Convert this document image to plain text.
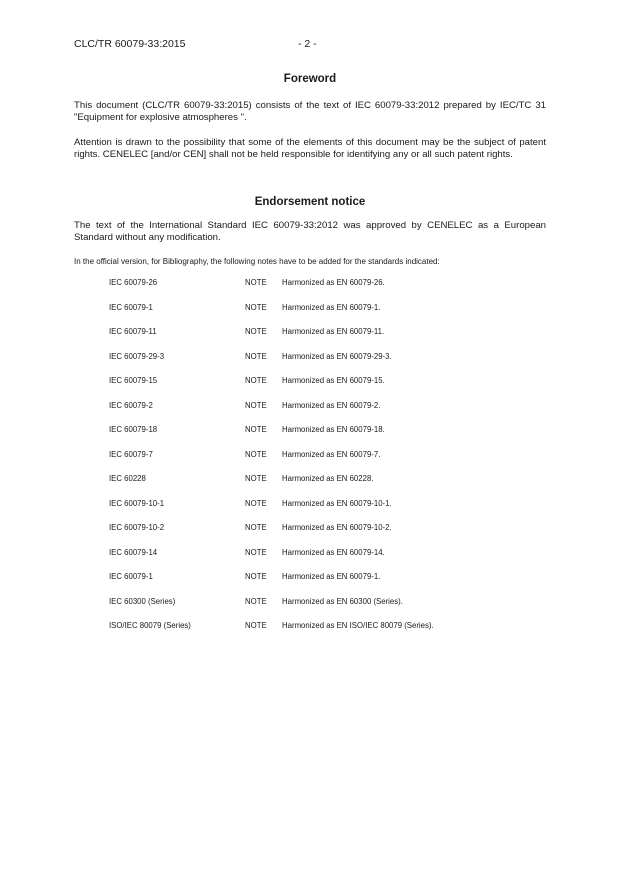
CLC/TR 60079-33:2015	- 2 -
Foreword

This document (CLC/TR 60079-33:2015) consists of the text of IEC 60079-33:2012 prepared by IEC/TC 31 "Equipment for explosive atmospheres ".

Attention is drawn to the possibility that some of the elements of this document may be the subject of patent rights. CENELEC [and/or CEN] shall not be held responsible for identifying any or all such patent rights.

Endorsement notice

The text of the International Standard IEC 60079-33:2012 was approved by CENELEC as a European Standard without any modification.

In the official version, for Bibliography, the following notes have to be added for the standards indicated:
IEC 60079-26	NOTE Harmonized as EN 60079-26.
IEC 60079-1	NOTE Harmonized as EN 60079-1.
IEC 60079-11	NOTE Harmonized as EN 60079-11.
IEC 60079-29-3	NOTE Harmonized as EN 60079-29-3.
IEC 60079-15	NOTE Harmonized as EN 60079-15.
IEC 60079-2	NOTE Harmonized as EN 60079-2.
IEC 60079-18	NOTE Harmonized as EN 60079-18.
IEC 60079-7	NOTE Harmonized as EN 60079-7.
IEC 60228	NOTE Harmonized as EN 60228.
IEC 60079-10-1	NOTE Harmonized as EN 60079-10-1.
IEC 60079-10-2	NOTE Harmonized as EN 60079-10-2.
IEC 60079-14	NOTE Harmonized as EN 60079-14.
IEC 60079-1	NOTE Harmonized as EN 60079-1.
IEC 60300 (Series)	NOTE Harmonized as EN 60300 (Series).
ISO/IEC 80079 (Series)	NOTE Harmonized as EN ISO/IEC 80079 (Series).
